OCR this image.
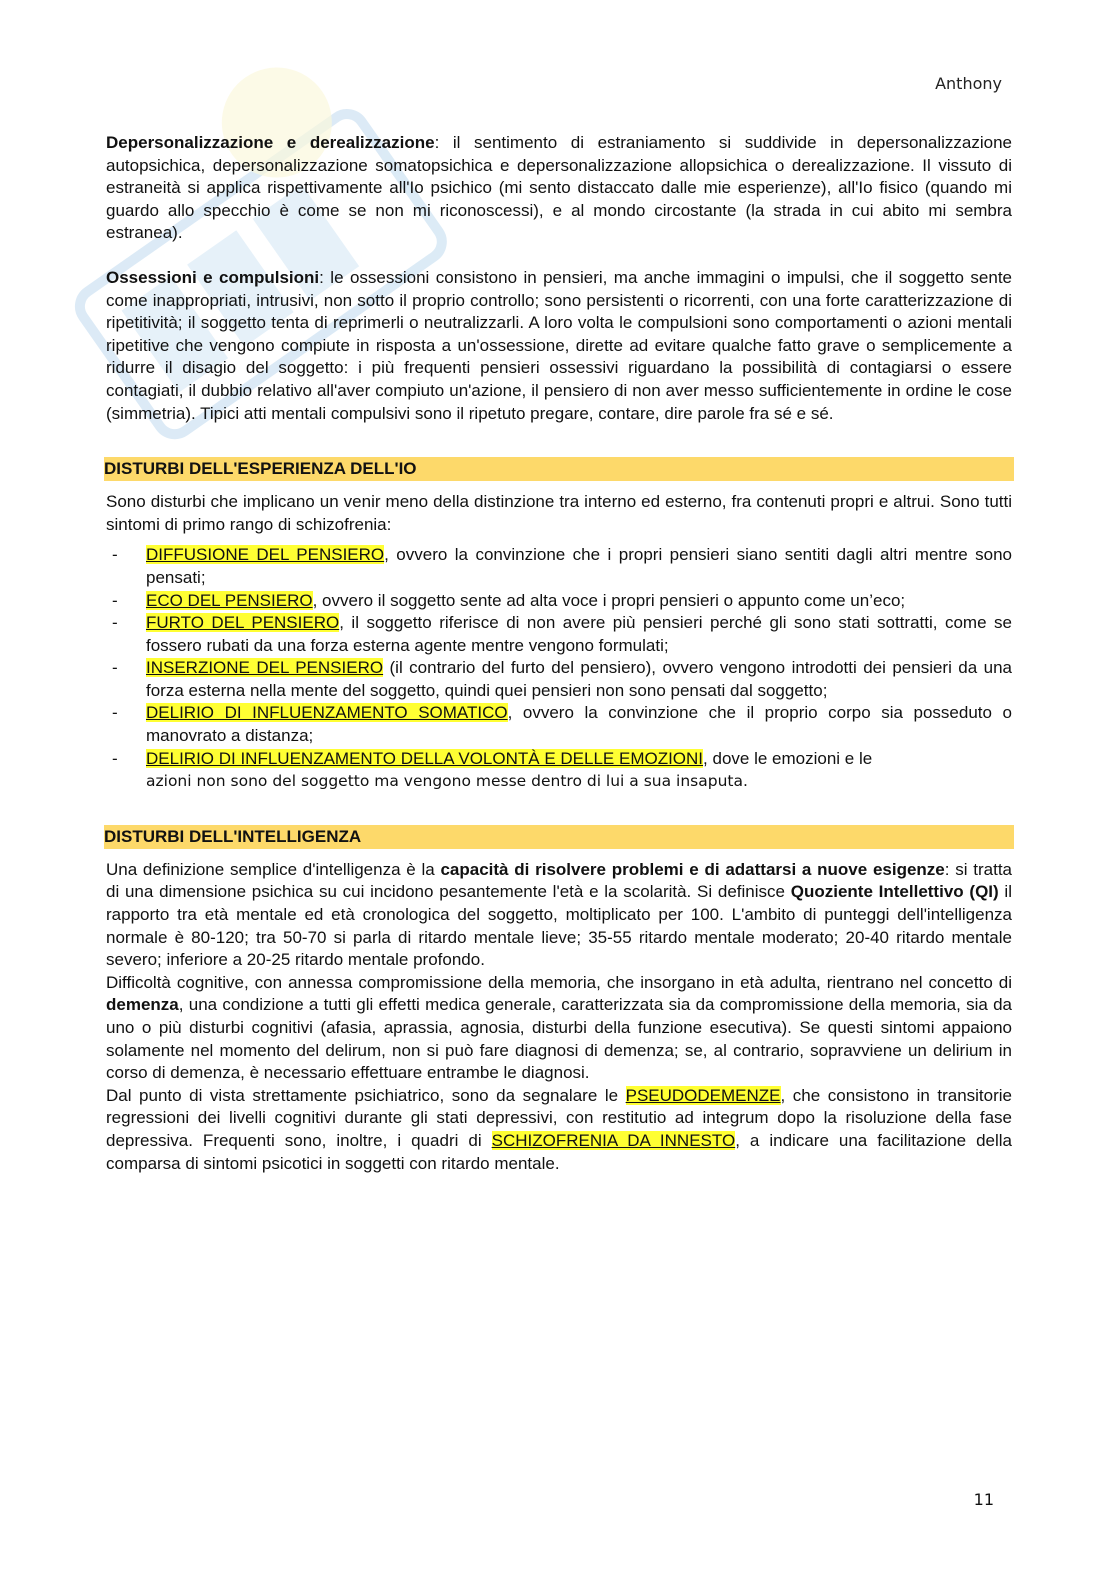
Anthony

Depersonalizzazione e derealizzazione: il sentimento di estraniamento si suddivide in depersonalizzazione autopsichica, depersonalizzazione somatopsichica e depersonalizzazione allopsichica o derealizzazione. Il vissuto di estraneità si applica rispettivamente all'Io psichico (mi sento distaccato dalle mie esperienze), all'Io fisico (quando mi guardo allo specchio è come se non mi riconoscessi), e al mondo circostante (la strada in cui abito mi sembra estranea).

Ossessioni e compulsioni: le ossessioni consistono in pensieri, ma anche immagini o impulsi, che il soggetto sente come inappropriati, intrusivi, non sotto il proprio controllo; sono persistenti o ricorrenti, con una forte caratterizzazione di ripetitività; il soggetto tenta di reprimerli o neutralizzarli. A loro volta le compulsioni sono comportamenti o azioni mentali ripetitive che vengono compiute in risposta a un'ossessione, dirette ad evitare qualche fatto grave o semplicemente a ridurre il disagio del soggetto: i più frequenti pensieri ossessivi riguardano la possibilità di contagiarsi o essere contagiati, il dubbio relativo all'aver compiuto un'azione, il pensiero di non aver messo sufficientemente in ordine le cose (simmetria). Tipici atti mentali compulsivi sono il ripetuto pregare, contare, dire parole fra sé e sé.

DISTURBI DELL'ESPERIENZA DELL'IO

Sono disturbi che implicano un venir meno della distinzione tra interno ed esterno, fra contenuti propri e altrui. Sono tutti sintomi di primo rango di schizofrenia:

- DIFFUSIONE DEL PENSIERO, ovvero la convinzione che i propri pensieri siano sentiti dagli altri mentre sono pensati;
- ECO DEL PENSIERO, ovvero il soggetto sente ad alta voce i propri pensieri o appunto come un’eco;
- FURTO DEL PENSIERO, il soggetto riferisce di non avere più pensieri perché gli sono stati sottratti, come se fossero rubati da una forza esterna agente mentre vengono formulati;
- INSERZIONE DEL PENSIERO (il contrario del furto del pensiero), ovvero vengono introdotti dei pensieri da una forza esterna nella mente del soggetto, quindi quei pensieri non sono pensati dal soggetto;
- DELIRIO DI INFLUENZAMENTO SOMATICO, ovvero la convinzione che il proprio corpo sia posseduto o manovrato a distanza;
- DELIRIO DI INFLUENZAMENTO DELLA VOLONTÀ E DELLE EMOZIONI, dove le emozioni e le
azioni non sono del soggetto ma vengono messe dentro di lui a sua insaputa.
DISTURBI DELL'INTELLIGENZA

Una definizione semplice d'intelligenza è la capacità di risolvere problemi e di adattarsi a nuove esigenze: si tratta di una dimensione psichica su cui incidono pesantemente l'età e la scolarità. Si definisce Quoziente Intellettivo (QI) il rapporto tra età mentale ed età cronologica del soggetto, moltiplicato per 100. L'ambito di punteggi dell'intelligenza normale è 80-120; tra 50-70 si parla di ritardo mentale lieve; 35-55 ritardo mentale moderato; 20-40 ritardo mentale severo; inferiore a 20-25 ritardo mentale profondo.

Difficoltà cognitive, con annessa compromissione della memoria, che insorgano in età adulta, rientrano nel concetto di demenza, una condizione a tutti gli effetti medica generale, caratterizzata sia da compromissione della memoria, sia da uno o più disturbi cognitivi (afasia, aprassia, agnosia, disturbi della funzione esecutiva). Se questi sintomi appaiono solamente nel momento del delirum, non si può fare diagnosi di demenza; se, al contrario, sopravviene un delirium in corso di demenza, è necessario effettuare entrambe le diagnosi.

Dal punto di vista strettamente psichiatrico, sono da segnalare le PSEUDODEMENZE, che consistono in transitorie regressioni dei livelli cognitivi durante gli stati depressivi, con restitutio ad integrum dopo la risoluzione della fase depressiva. Frequenti sono, inoltre, i quadri di SCHIZOFRENIA DA INNESTO, a indicare una facilitazione della comparsa di sintomi psicotici in soggetti con ritardo mentale.

11
